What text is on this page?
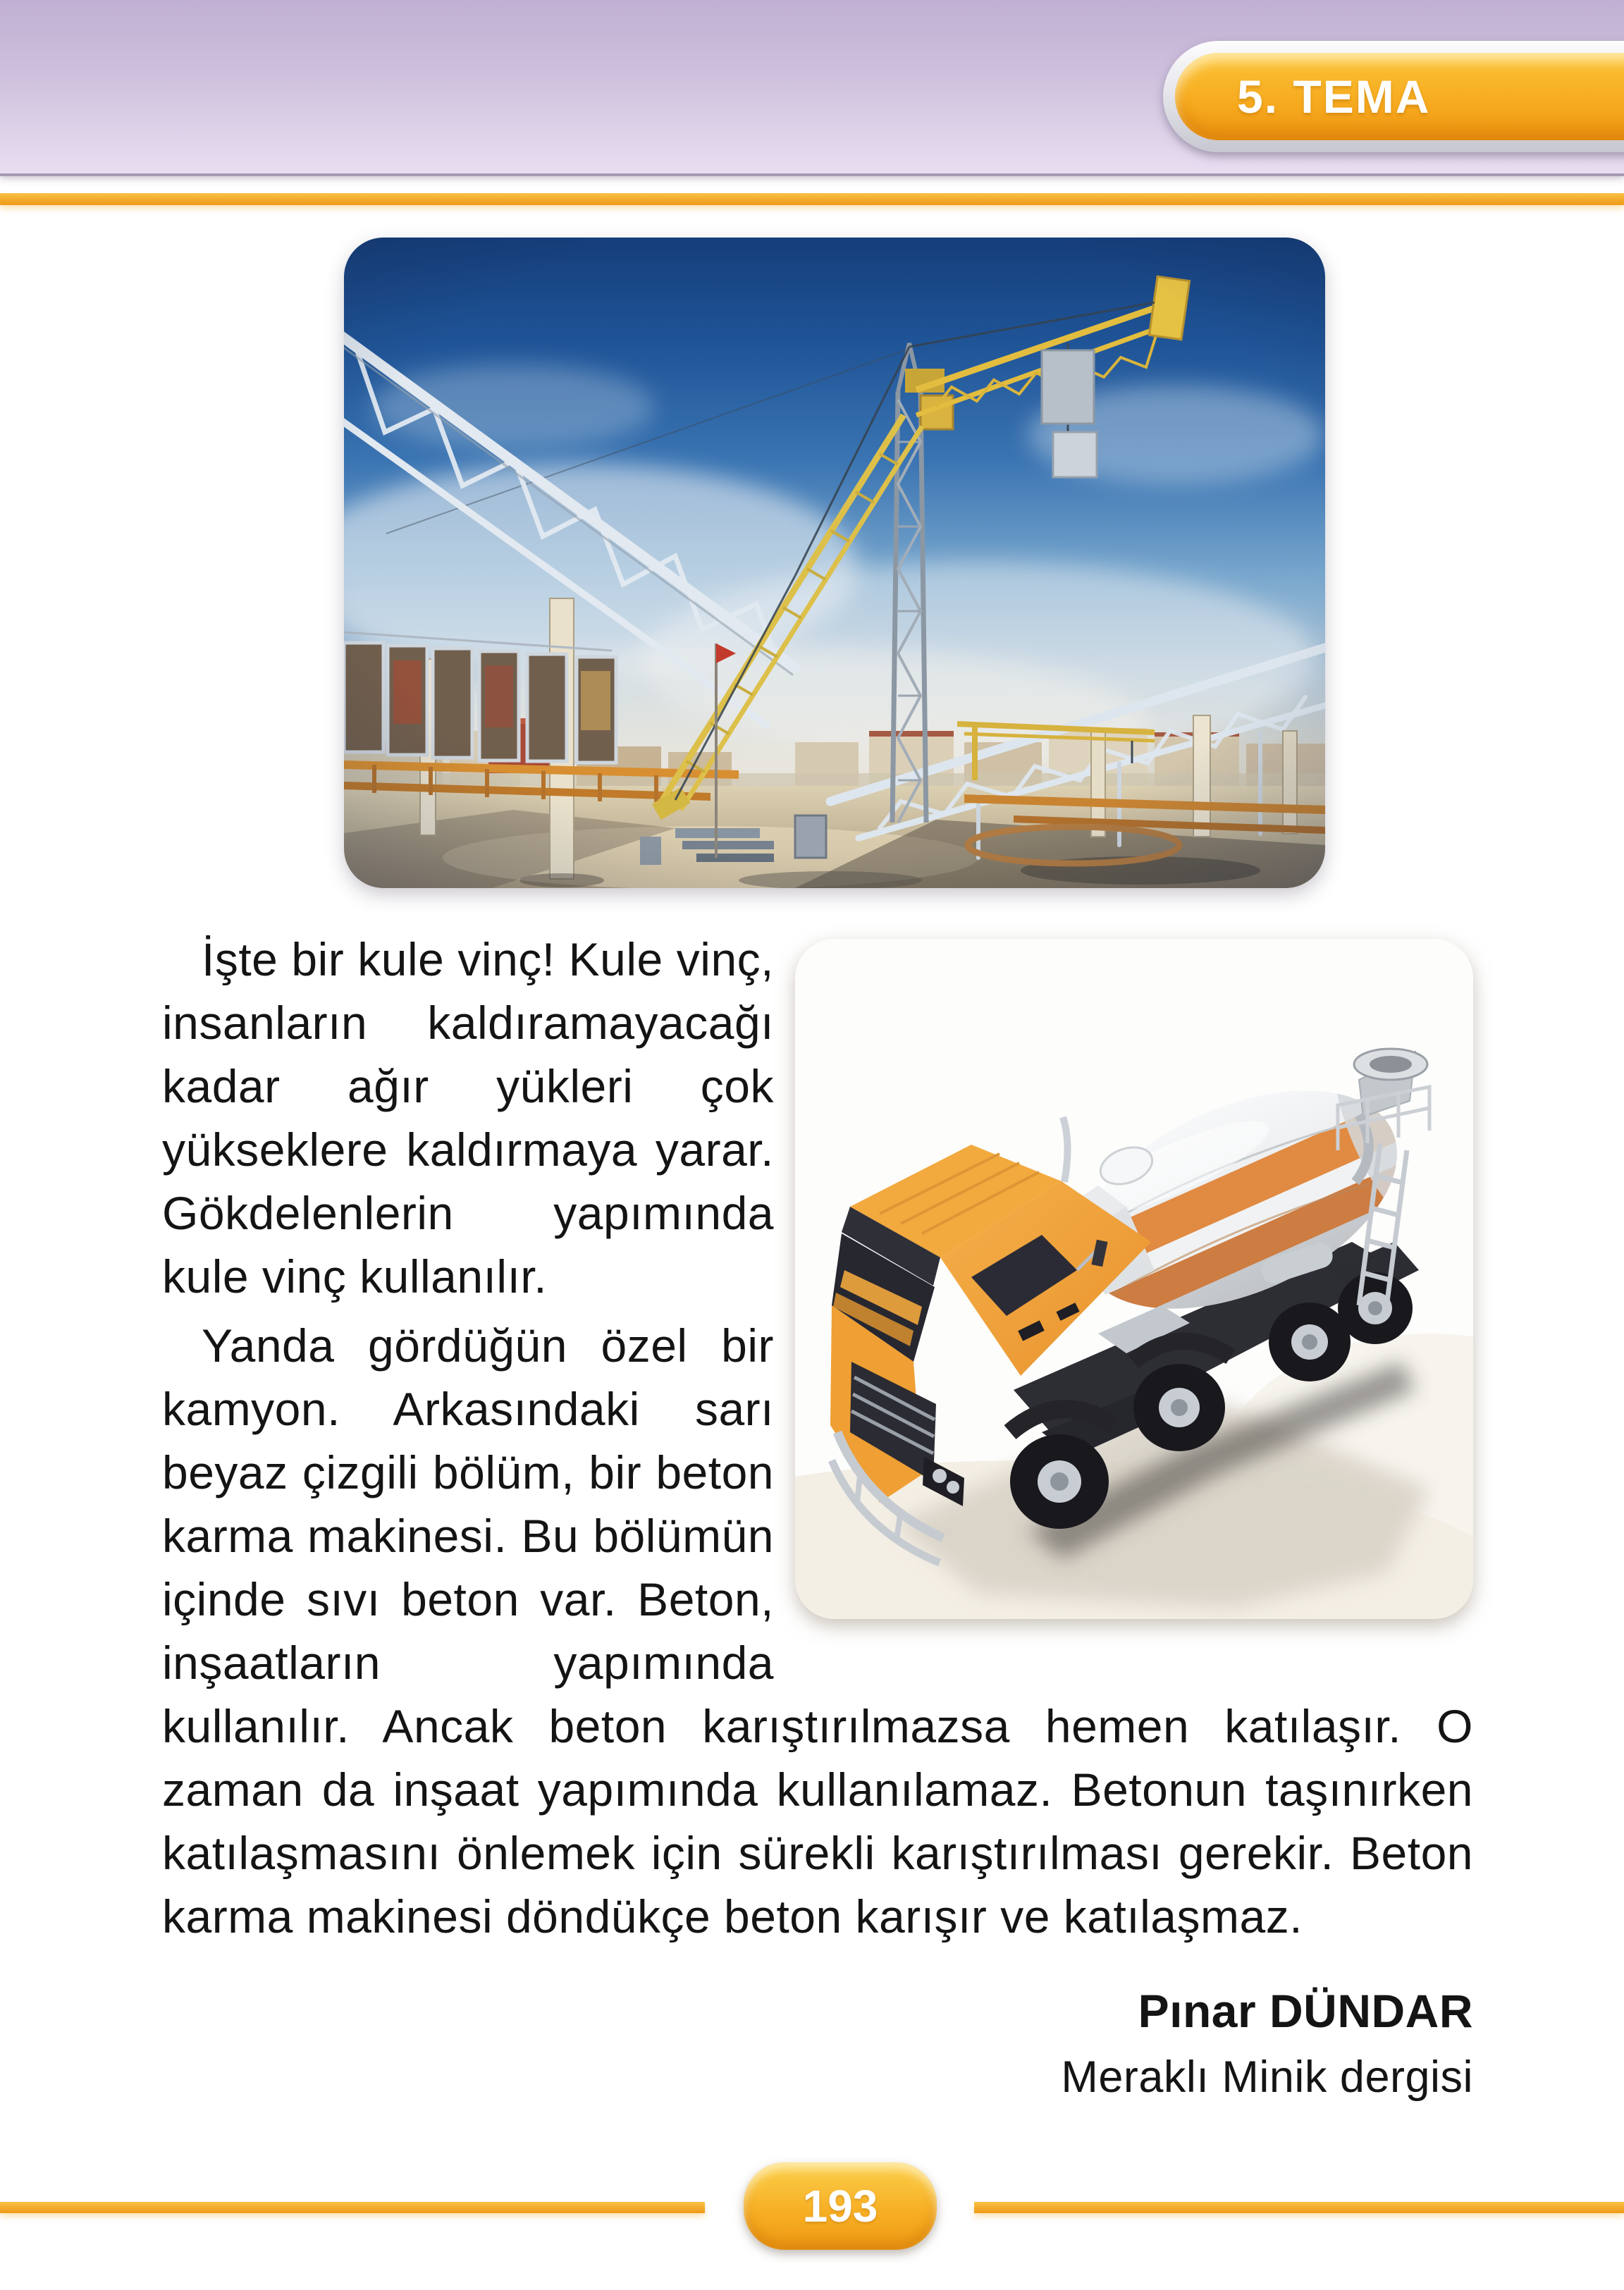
5. TEMA

İşte bir kule vinç! Kule vinç, insanların kaldıramayacağı kadar ağır yükleri çok yükseklere kaldırmaya yarar. Gökdelenlerin yapımında kule vinç kullanılır.

Yanda gördüğün özel bir kamyon. Arkasındaki sarı beyaz çizgili bölüm, bir beton karma makinesi. Bu bölümün içinde sıvı beton var. Beton, inşaatların yapımında kullanılır. Ancak beton karıştırılmazsa hemen katılaşır. O zaman da inşaat yapımında kullanılamaz. Betonun taşınırken katılaşmasını önlemek için sürekli karıştırılması gerekir. Beton karma makinesi döndükçe beton karışır ve katılaşmaz.

Pınar DÜNDAR

Meraklı Minik dergisi

193
